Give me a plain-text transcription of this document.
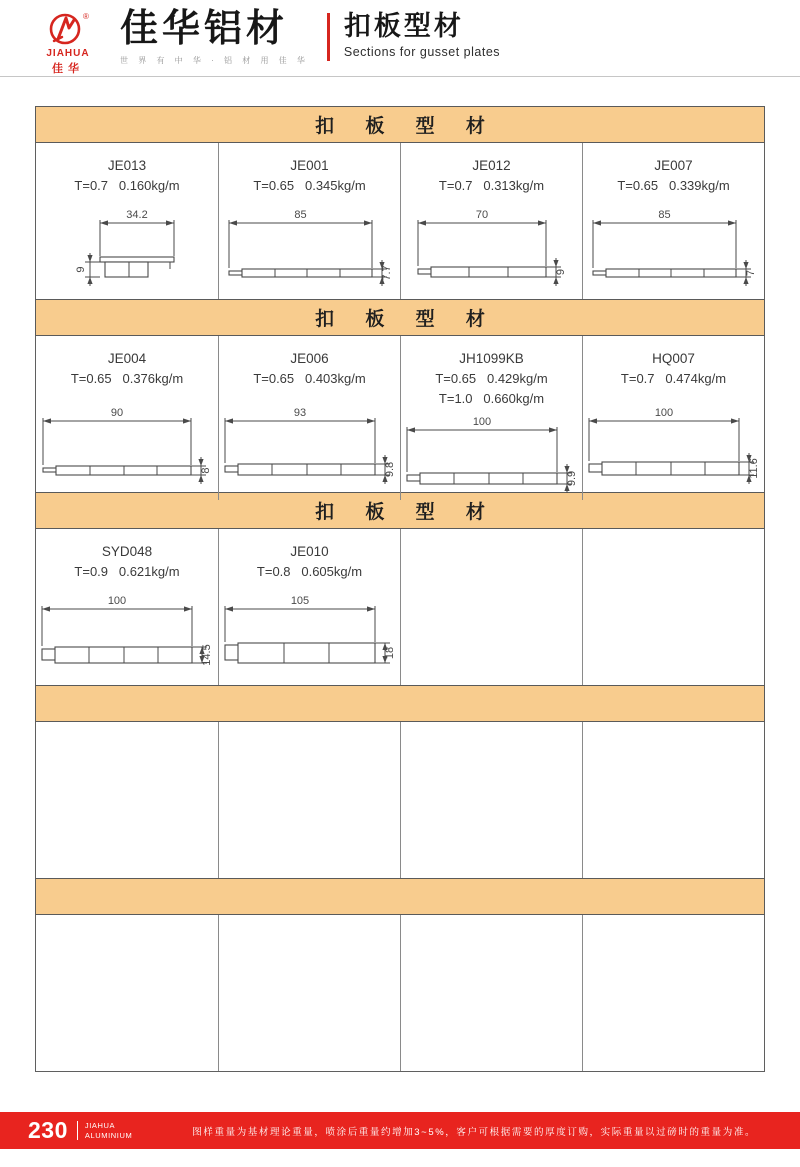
®
JIAHUA
佳华
佳华铝材
世 界 有 中 华 · 铝 材 用 佳 华
扣板型材
Sections for gusset plates
扣 板 型 材
JE013
T=0.7   0.160kg/m
34.2
9
JE001
T=0.65   0.345kg/m
85
7.7
JE012
T=0.7   0.313kg/m
70
9
JE007
T=0.65   0.339kg/m
85
7
扣 板 型 材
JE004
T=0.65   0.376kg/m
90
8
JE006
T=0.65   0.403kg/m
93
9.8
JH1099KB
T=0.65   0.429kg/m
T=1.0   0.660kg/m
100
9.9
HQ007
T=0.7   0.474kg/m
100
11.6
扣 板 型 材
SYD048
T=0.9   0.621kg/m
100
14.5
JE010
T=0.8   0.605kg/m
105
18
230 JIAHUA
ALUMINIUM	图样重量为基材理论重量，喷涂后重量约增加3~5%，客户可根据需要的厚度订购，实际重量以过磅时的重量为准。
